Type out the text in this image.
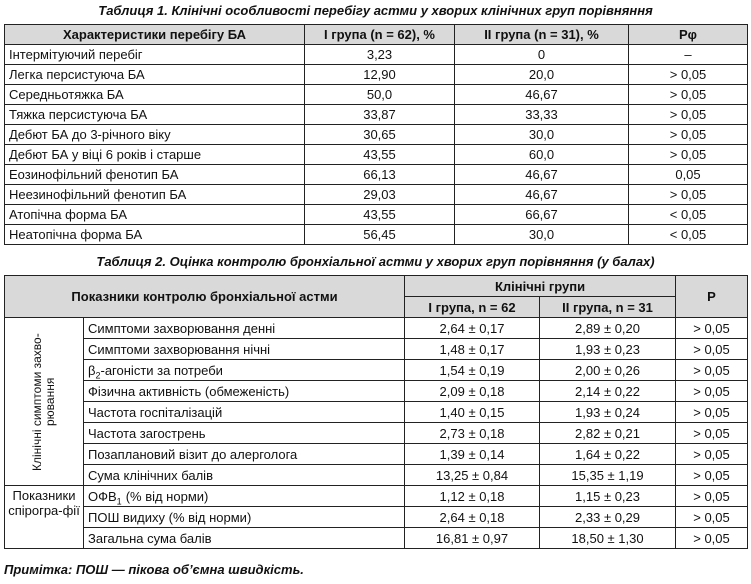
Таблиця 1. Клінічні особливості перебігу астми у хворих клінічних груп порівняння
Характеристики перебігу БА	I група (n = 62), %	II група (n = 31), %	Pφ
Інтермітуючий перебіг	3,23	0	–
Легка персистуюча БА	12,90	20,0	> 0,05
Середньотяжка БА	50,0	46,67	> 0,05
Тяжка персистуюча БА	33,87	33,33	> 0,05
Дебют БА до 3-річного віку	30,65	30,0	> 0,05
Дебют БА у віці 6 років і старше	43,55	60,0	> 0,05
Еозинофільний фенотип БА	66,13	46,67	0,05
Неезинофільний фенотип БА	29,03	46,67	> 0,05
Атопічна форма БА	43,55	66,67	< 0,05
Неатопічна форма БА	56,45	30,0	< 0,05
Таблиця 2. Оцінка контролю бронхіальної астми у хворих груп порівняння (у балах)
Показники контролю бронхіальної астми		Клінічні групи		P
		I група, n = 62	II група, n = 31	

Клінічні симптоми захво-рювання	Симптоми захворювання денні	2,64 ± 0,17	2,89 ± 0,20	> 0,05
	Симптоми захворювання нічні	1,48 ± 0,17	1,93 ± 0,23	> 0,05
	$\beta_2$-агоністи за потреби	1,54 ± 0,19	2,00 ± 0,26	> 0,05
	Фізична активність (обмеженість)	2,09 ± 0,18	2,14 ± 0,22	> 0,05
	Частота госпіталізацій	1,40 ± 0,15	1,93 ± 0,24	> 0,05
	Частота загострень	2,73 ± 0,18	2,82 ± 0,21	> 0,05
	Позаплановий візит до алерголога	1,39 ± 0,14	1,64 ± 0,22	> 0,05
	Сума клінічних балів	13,25 ± 0,84	15,35 ± 1,19	> 0,05
Показники спірогра-фії	$ОФВ_1$ (% від норми)	1,12 ± 0,18	1,15 ± 0,23	> 0,05
	ПОШ видиху (% від норми)	2,64 ± 0,18	2,33 ± 0,29	> 0,05
	Загальна сума балів	16,81 ± 0,97	18,50 ± 1,30	> 0,05
Примітка: ПОШ — пікова об’ємна швидкість.
